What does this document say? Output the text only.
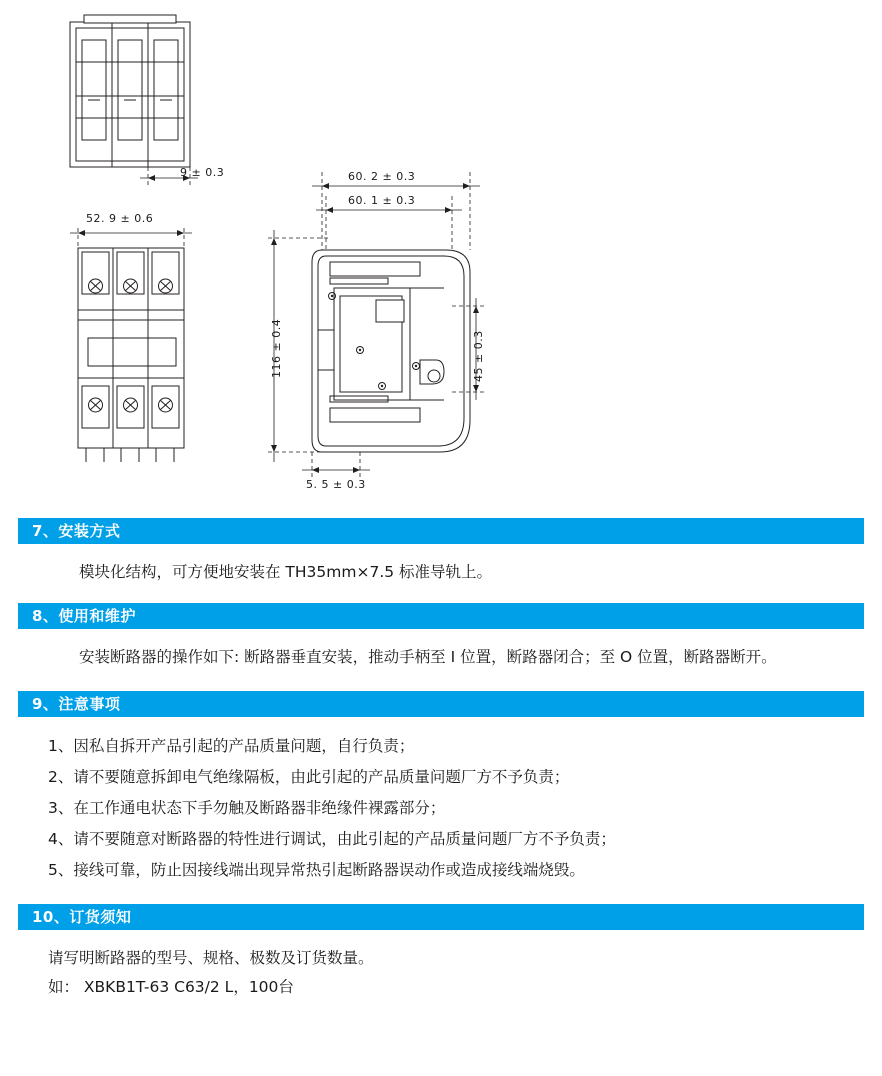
9 ± 0.3
52. 9 ± 0.6
60. 2 ± 0.3
60. 1 ± 0.3
116 ± 0.4	45 ± 0.3
5. 5 ± 0.3
7、安装方式

模块化结构，可方便地安装在 TH35mm×7.5 标准导轨上。

8、使用和维护

安装断路器的操作如下: 断路器垂直安装，推动手柄至 I 位置，断路器闭合；至 O 位置，断路器断开。

9、注意事项

1、因私自拆开产品引起的产品质量问题，自行负责；

2、请不要随意拆卸电气绝缘隔板，由此引起的产品质量问题厂方不予负责；

3、在工作通电状态下手勿触及断路器非绝缘件裸露部分；

4、请不要随意对断路器的特性进行调试，由此引起的产品质量问题厂方不予负责；

5、接线可靠，防止因接线端出现异常热引起断路器误动作或造成接线端烧毁。

10、订货须知

请写明断路器的型号、规格、极数及订货数量。

如： XBKB1T-63 C63/2 L，100台
